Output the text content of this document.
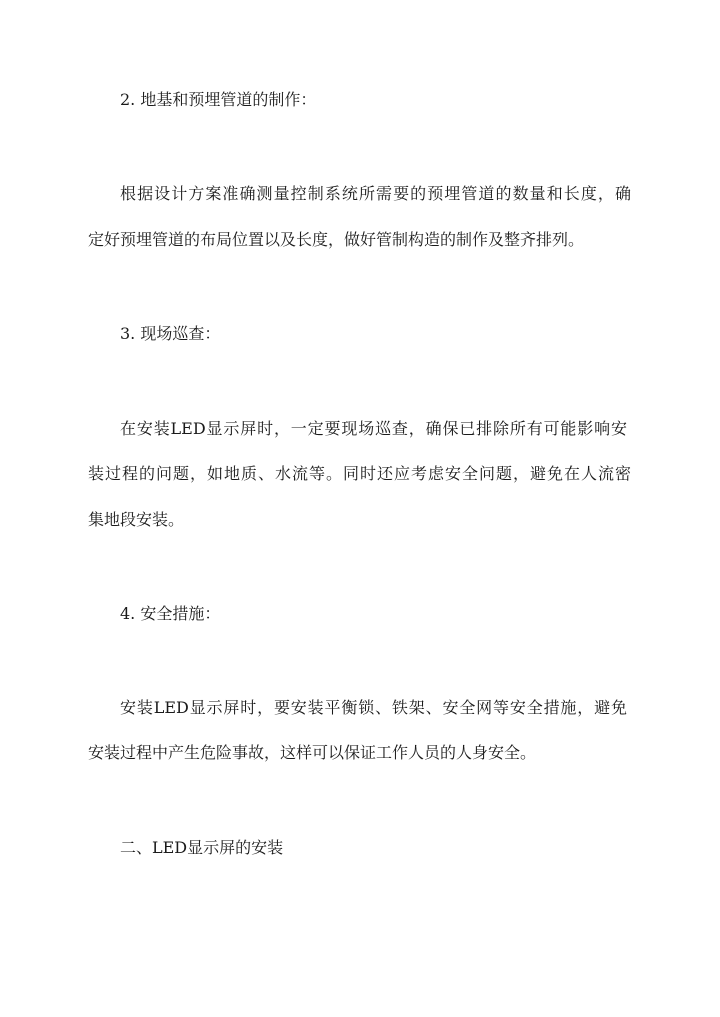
2. 地基和预埋管道的制作：
根据设计方案准确测量控制系统所需要的预埋管道的数量和长度，确
定好预埋管道的布局位置以及长度，做好管制构造的制作及整齐排列。
3. 现场巡查：
在安装LED显示屏时，一定要现场巡查，确保已排除所有可能影响安
装过程的问题，如地质、水流等。同时还应考虑安全问题，避免在人流密
集地段安装。
4. 安全措施：
安装LED显示屏时，要安装平衡锁、铁架、安全网等安全措施，避免
安装过程中产生危险事故，这样可以保证工作人员的人身安全。
二、LED显示屏的安装
